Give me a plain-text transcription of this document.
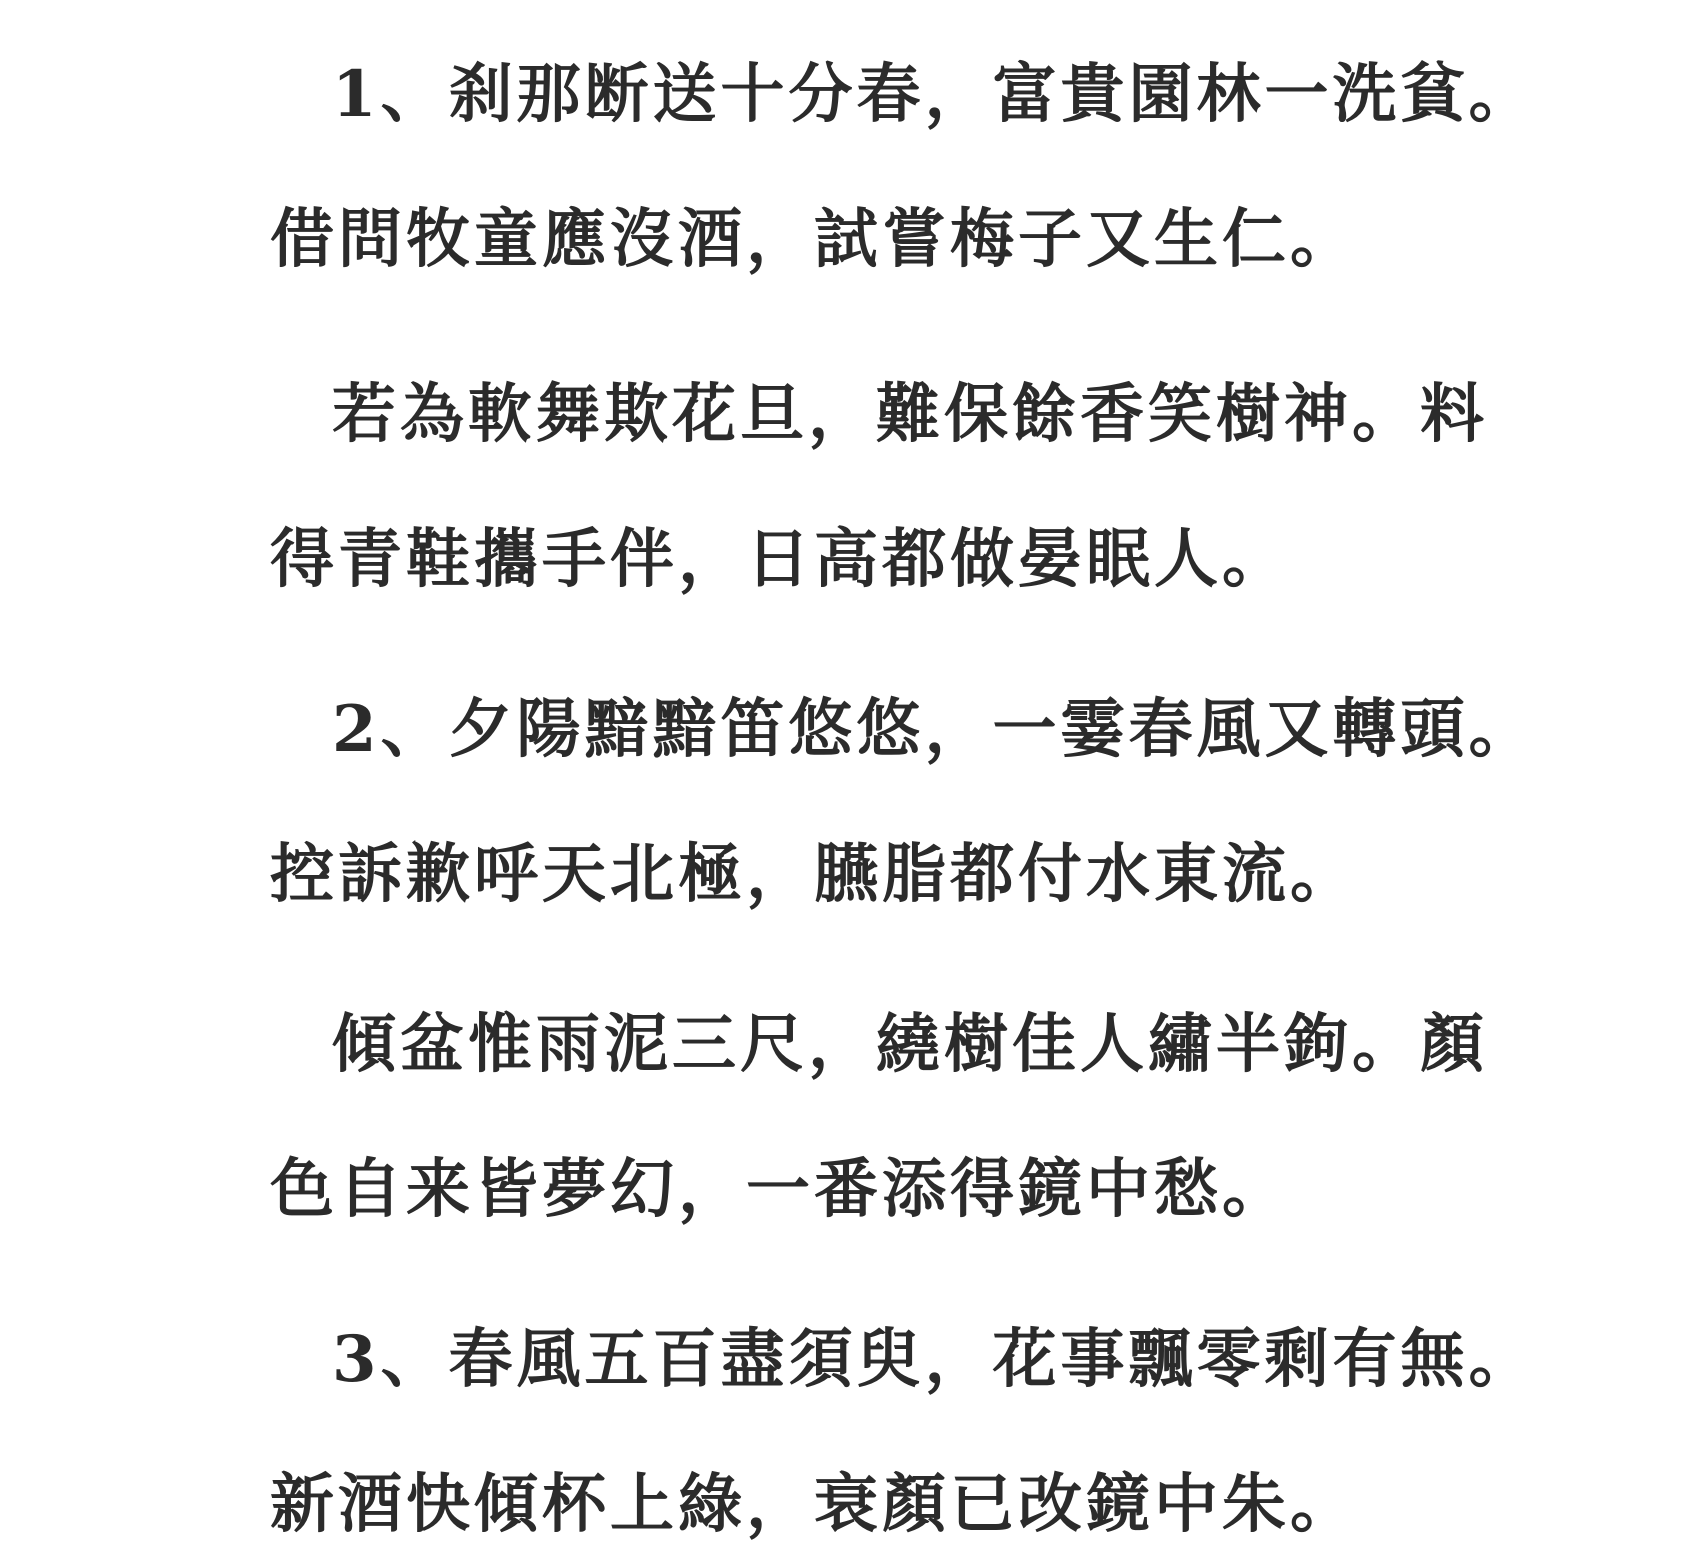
1、刹那断送十分春，富貴園林一洗貧。
借問牧童應沒酒，試嘗梅子又生仁。
若為軟舞欺花旦，難保餘香笑樹神。料
得青鞋攜手伴，日高都做晏眠人。
2、夕陽黯黯笛悠悠，一霎春風又轉頭。
控訴歉呼天北極，臙脂都付水東流。
傾盆惟雨泥三尺，繞樹佳人繡半鉤。顏
色自来皆夢幻，一番添得鏡中愁。
3、春風五百盡須臾，花事飄零剩有無。
新酒快傾杯上綠，衰顏已改鏡中朱。
